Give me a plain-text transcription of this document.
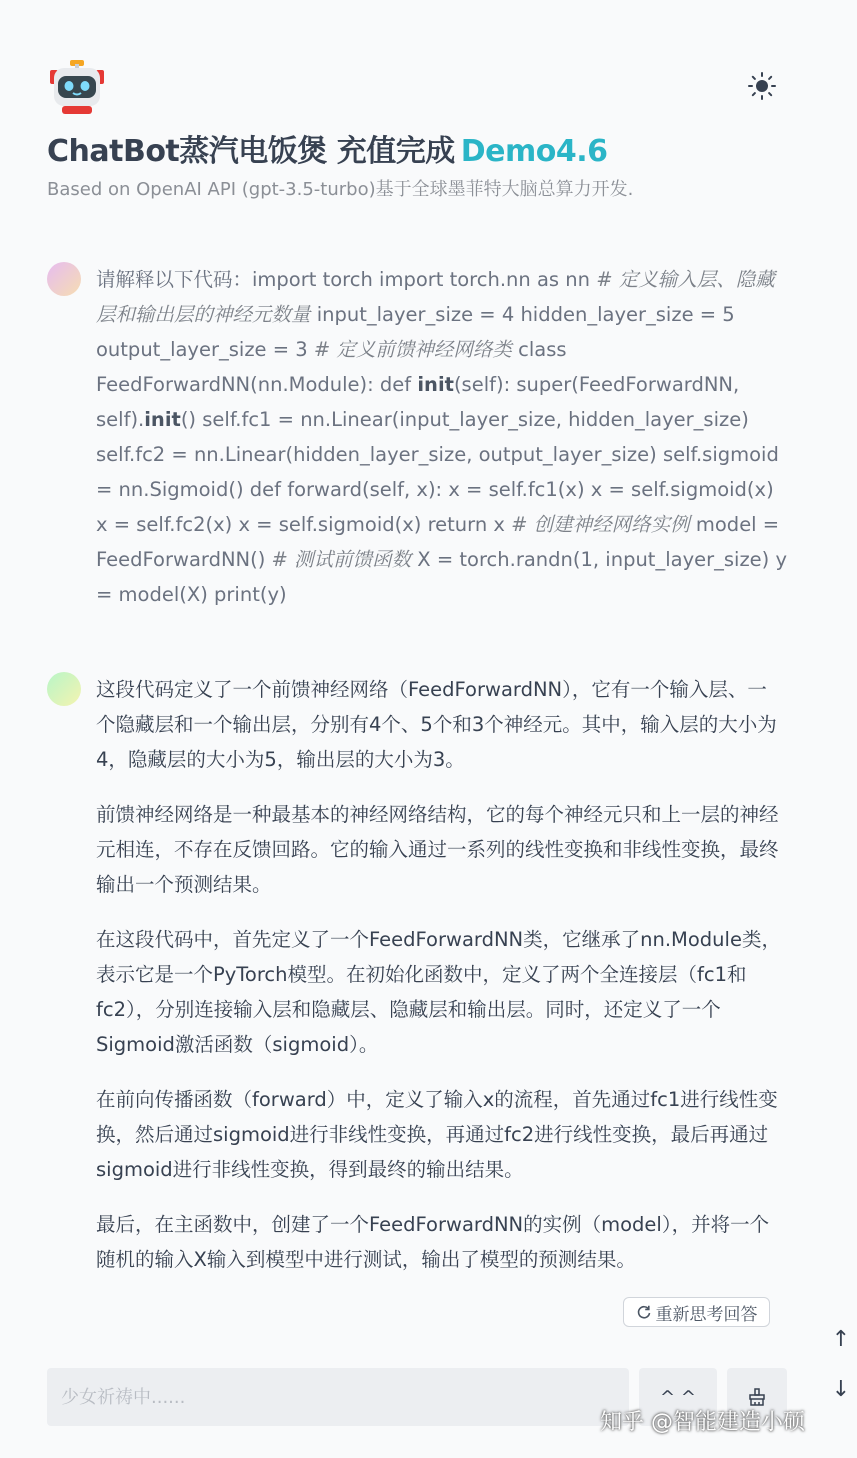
ChatBot蒸汽电饭煲 充值完成 Demo4.6
Based on OpenAI API (gpt-3.5-turbo)基于全球墨菲特大脑总算力开发.
请解释以下代码：import torch import torch.nn as nn # 定义输入层、隐藏层和输出层的神经元数量 input_layer_size = 4 hidden_layer_size = 5 output_layer_size = 3 # 定义前馈神经网络类 class FeedForwardNN(nn.Module): def init(self): super(FeedForwardNN, self).init() self.fc1 = nn.Linear(input_layer_size, hidden_layer_size) self.fc2 = nn.Linear(hidden_layer_size, output_layer_size) self.sigmoid = nn.Sigmoid() def forward(self, x): x = self.fc1(x) x = self.sigmoid(x) x = self.fc2(x) x = self.sigmoid(x) return x # 创建神经网络实例 model = FeedForwardNN() # 测试前馈函数 X = torch.randn(1, input_layer_size) y = model(X) print(y)

这段代码定义了一个前馈神经网络（FeedForwardNN），它有一个输入层、一个隐藏层和一个输出层，分别有4个、5个和3个神经元。其中，输入层的大小为4，隐藏层的大小为5，输出层的大小为3。

前馈神经网络是一种最基本的神经网络结构，它的每个神经元只和上一层的神经元相连，不存在反馈回路。它的输入通过一系列的线性变换和非线性变换，最终输出一个预测结果。

在这段代码中，首先定义了一个FeedForwardNN类，它继承了nn.Module类，表示它是一个PyTorch模型。在初始化函数中，定义了两个全连接层（fc1和fc2），分别连接输入层和隐藏层、隐藏层和输出层。同时，还定义了一个Sigmoid激活函数（sigmoid）。

在前向传播函数（forward）中，定义了输入x的流程，首先通过fc1进行线性变换，然后通过sigmoid进行非线性变换，再通过fc2进行线性变换，最后再通过sigmoid进行非线性变换，得到最终的输出结果。

最后，在主函数中，创建了一个FeedForwardNN的实例（model），并将一个随机的输入X输入到模型中进行测试，输出了模型的预测结果。

重新思考回答
↑
↓
少女祈祷中......
^ ^
知乎 @智能建造小硕
